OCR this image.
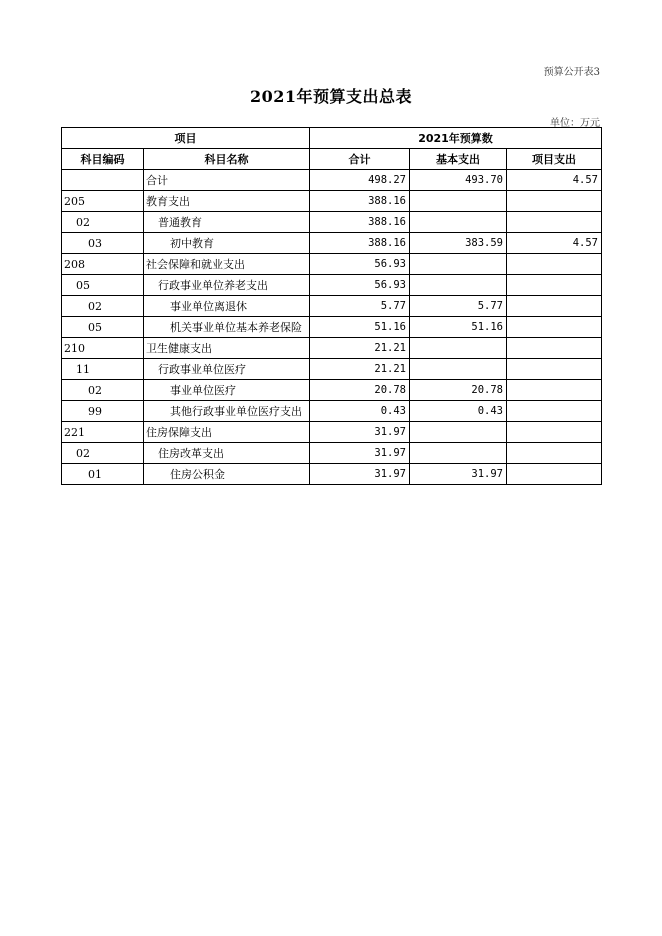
预算公开表3
2021年预算支出总表
单位：万元
项目		2021年预算数		
科目编码	科目名称	合计	基本支出	项目支出
	合计	498.27	493.70	4.57
205	教育支出	388.16		
02	普通教育	388.16		
03	初中教育	388.16	383.59	4.57
208	社会保障和就业支出	56.93		
05	行政事业单位养老支出	56.93		
02	事业单位离退休	5.77	5.77	
05	机关事业单位基本养老保险	51.16	51.16	
210	卫生健康支出	21.21		
11	行政事业单位医疗	21.21		
02	事业单位医疗	20.78	20.78	
99	其他行政事业单位医疗支出	0.43	0.43	
221	住房保障支出	31.97		
02	住房改革支出	31.97		
01	住房公积金	31.97	31.97	
